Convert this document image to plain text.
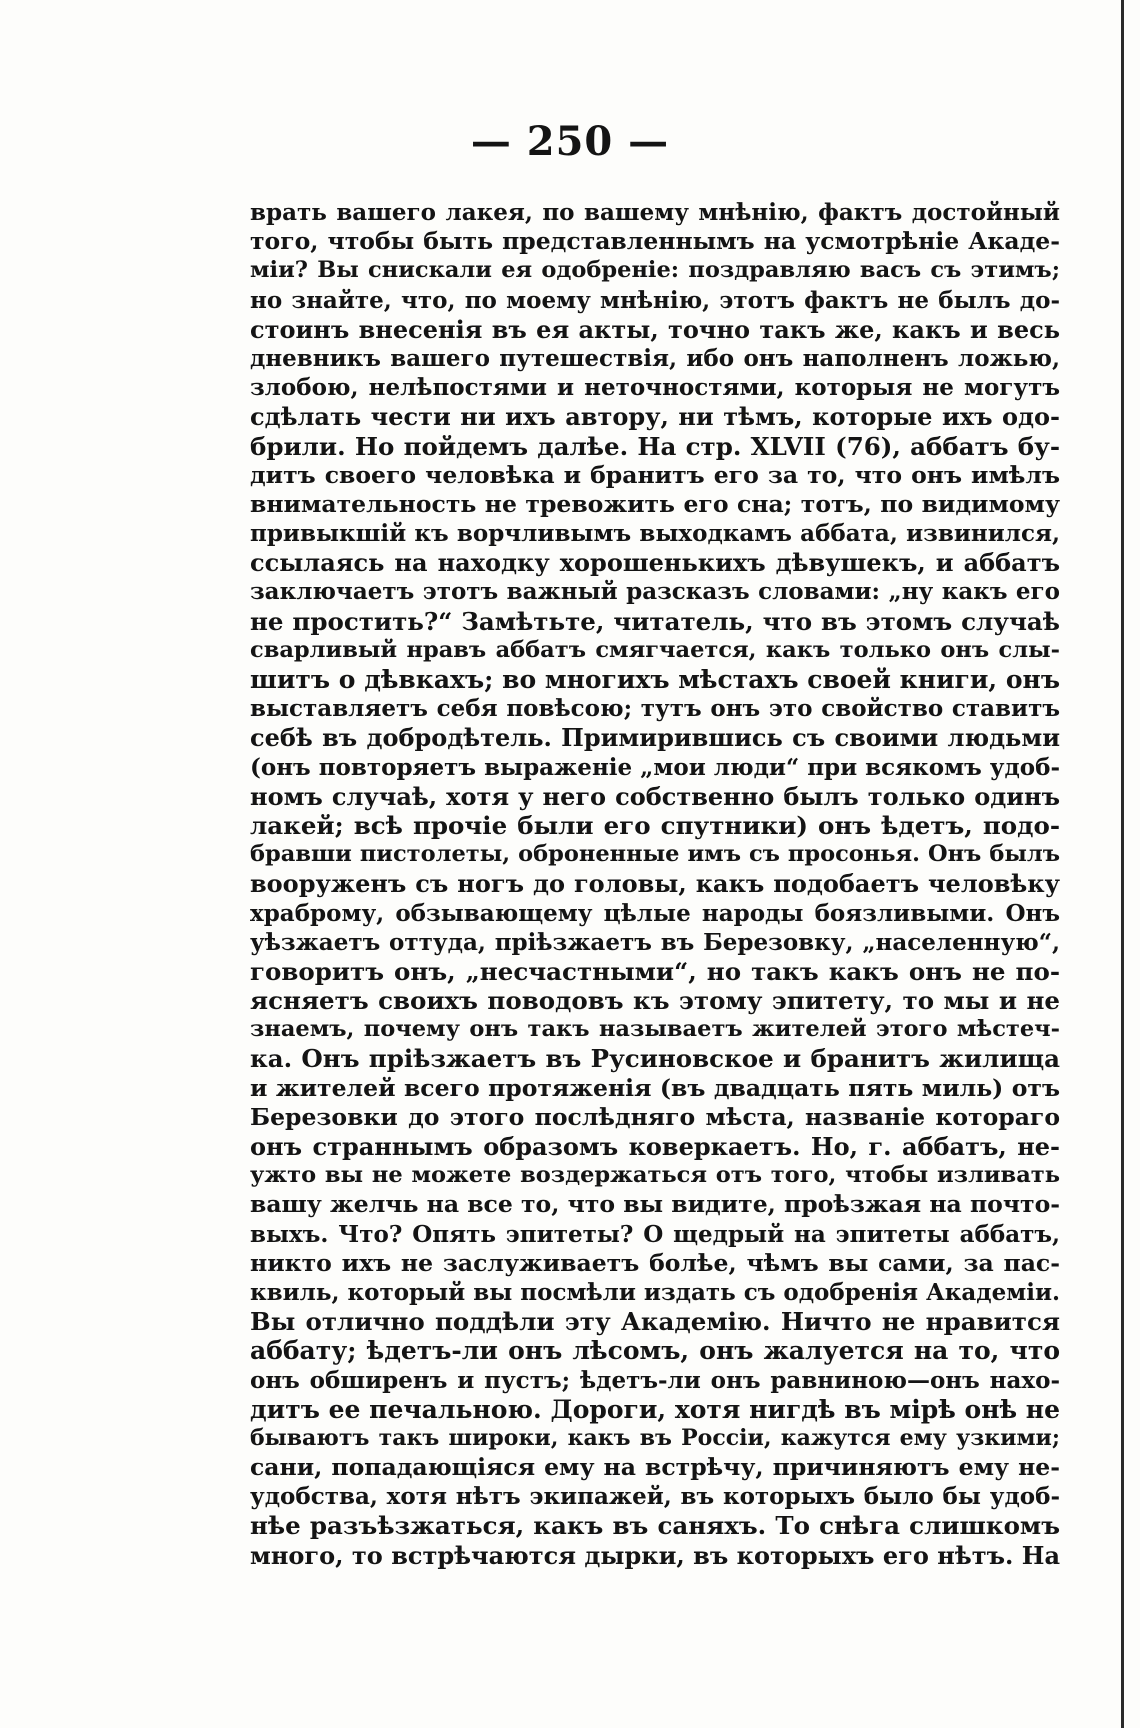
— 250 —
врать вашего лакея, по вашему мнѣнію, фактъ достойный
того, чтобы быть представленнымъ на усмотрѣніе Акаде-
міи? Вы снискали ея одобреніе: поздравляю васъ съ этимъ;
но знайте, что, по моему мнѣнію, этотъ фактъ не былъ до-
стоинъ внесенія въ ея акты, точно такъ же, какъ и весь
дневникъ вашего путешествія, ибо онъ наполненъ ложью,
злобою, нелѣпостями и неточностями, которыя не могутъ
сдѣлать чести ни ихъ автору, ни тѣмъ, которые ихъ одо-
брили. Но пойдемъ далѣе. На стр. XLVII (76), аббатъ бу-
дитъ своего человѣка и бранитъ его за то, что онъ имѣлъ
внимательность не тревожить его сна; тотъ, по видимому
привыкшій къ ворчливымъ выходкамъ аббата, извинился,
ссылаясь на находку хорошенькихъ дѣвушекъ, и аббатъ
заключаетъ этотъ важный разсказъ словами: „ну какъ его
не простить?“ Замѣтьте, читатель, что въ этомъ случаѣ
сварливый нравъ аббатъ смягчается, какъ только онъ слы-
шитъ о дѣвкахъ; во многихъ мѣстахъ своей книги, онъ
выставляетъ себя повѣсою; тутъ онъ это свойство ставитъ
себѣ въ добродѣтель. Примирившись съ своими людьми
(онъ повторяетъ выраженіе „мои люди“ при всякомъ удоб-
номъ случаѣ, хотя у него собственно былъ только одинъ
лакей; всѣ прочіе были его спутники) онъ ѣдетъ, подо-
бравши пистолеты, оброненные имъ съ просонья. Онъ былъ
вооруженъ съ ногъ до головы, какъ подобаетъ человѣку
храброму, обзывающему цѣлые народы боязливыми. Онъ
уѣзжаетъ оттуда, пріѣзжаетъ въ Березовку, „населенную“,
говоритъ онъ, „несчастными“, но такъ какъ онъ не по-
ясняетъ своихъ поводовъ къ этому эпитету, то мы и не
знаемъ, почему онъ такъ называетъ жителей этого мѣстеч-
ка. Онъ пріѣзжаетъ въ Русиновское и бранитъ жилища
и жителей всего протяженія (въ двадцать пять миль) отъ
Березовки до этого послѣдняго мѣста, названіе котораго
онъ страннымъ образомъ коверкаетъ. Но, г. аббатъ, не-
ужто вы не можете воздержаться отъ того, чтобы изливать
вашу желчь на все то, что вы видите, проѣзжая на почто-
выхъ. Что? Опять эпитеты? О щедрый на эпитеты аббатъ,
никто ихъ не заслуживаетъ болѣе, чѣмъ вы сами, за пас-
квиль, который вы посмѣли издать съ одобренія Академіи.
Вы отлично поддѣли эту Академію. Ничто не нравится
аббату; ѣдетъ-ли онъ лѣсомъ, онъ жалуется на то, что
онъ обширенъ и пустъ; ѣдетъ-ли онъ равниною—онъ нахо-
дитъ ее печальною. Дороги, хотя нигдѣ въ мірѣ онѣ не
бываютъ такъ широки, какъ въ Россіи, кажутся ему узкими;
сани, попадающіяся ему на встрѣчу, причиняютъ ему не-
удобства, хотя нѣтъ экипажей, въ которыхъ было бы удоб-
нѣе разъѣзжаться, какъ въ саняхъ. То снѣга слишкомъ
много, то встрѣчаются дырки, въ которыхъ его нѣтъ. На
